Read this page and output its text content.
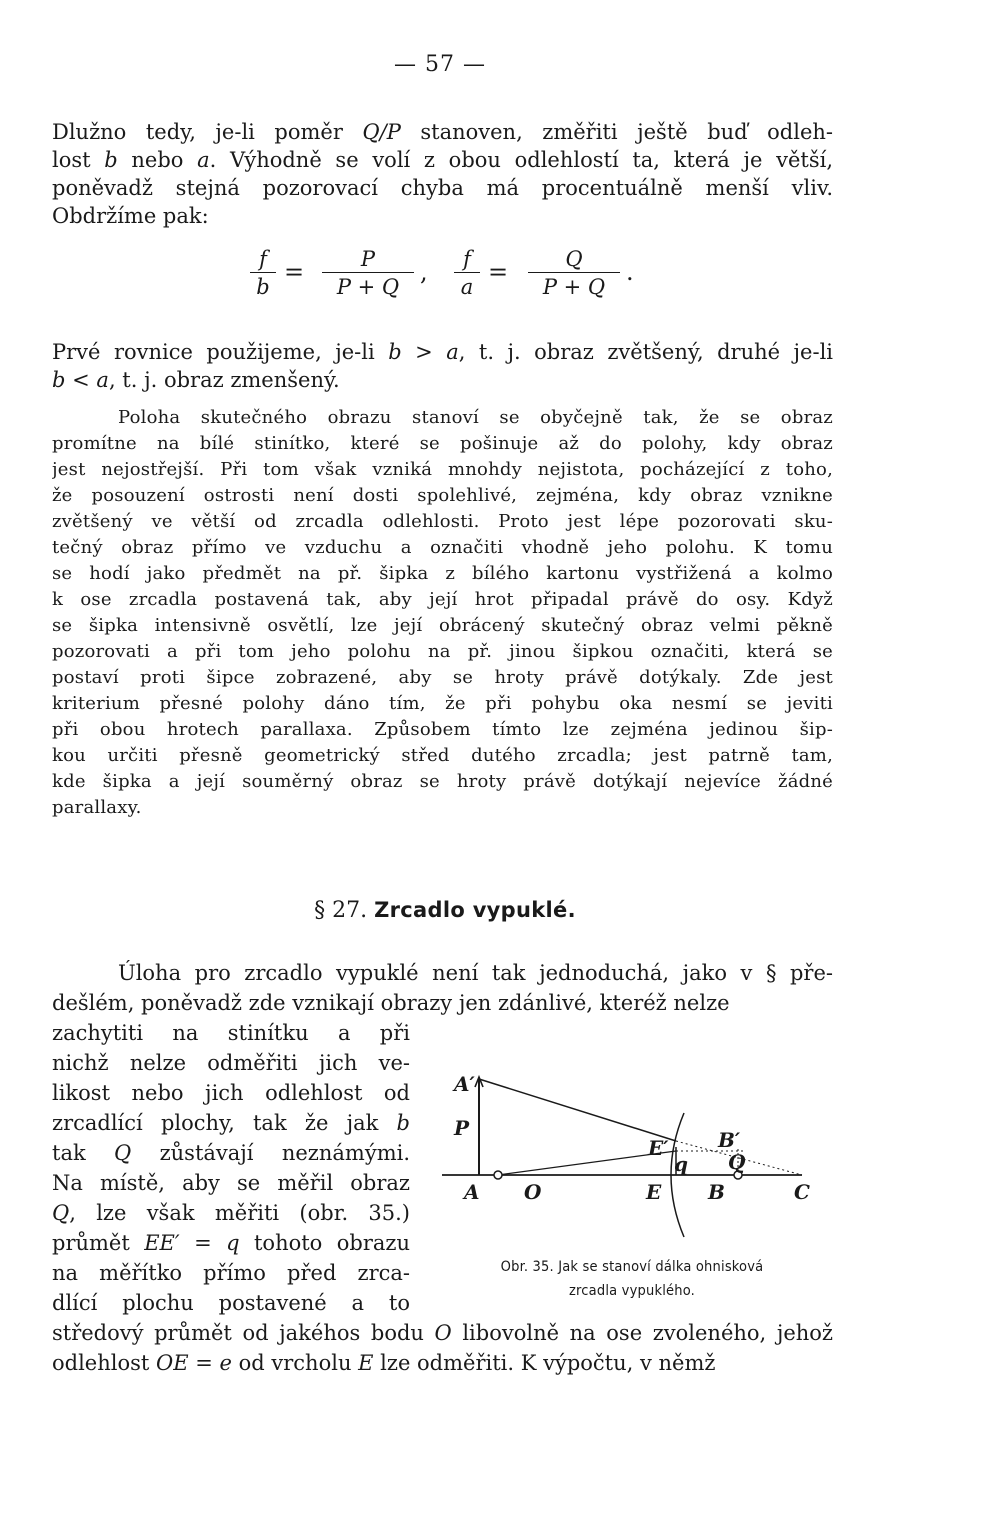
— 57 —
Dlužno tedy, je-li poměr Q/P stanoven, změřiti ještě buď odleh-
lost b nebo a. Výhodně se volí z obou odlehlostí ta, která je větší,
poněvadž stejná pozorovací chyba má procentuálně menší vliv.
Obdržíme pak:
$\frac{f}{b} = \frac{P}{P + Q}$ , $\frac{f}{a} = \frac{Q}{P + Q}$ .
Prvé rovnice použijeme, je-li b > a, t. j. obraz zvětšený, druhé je-li
b < a, t. j. obraz zmenšený.
Poloha skutečného obrazu stanoví se obyčejně tak, že se obraz
promítne na bílé stinítko, které se pošinuje až do polohy, kdy obraz
jest nejostřejší. Při tom však vzniká mnohdy nejistota, pocházející z toho,
že posouzení ostrosti není dosti spolehlivé, zejména, kdy obraz vznikne
zvětšený ve větší od zrcadla odlehlosti. Proto jest lépe pozorovati sku-
tečný obraz přímo ve vzduchu a označiti vhodně jeho polohu. K tomu
se hodí jako předmět na př. šipka z bílého kartonu vystřižená a kolmo
k ose zrcadla postavená tak, aby její hrot připadal právě do osy. Když
se šipka intensivně osvětlí, lze její obrácený skutečný obraz velmi pěkně
pozorovati a při tom jeho polohu na př. jinou šipkou označiti, která se
postaví proti šipce zobrazené, aby se hroty právě dotýkaly. Zde jest
kriterium přesné polohy dáno tím, že při pohybu oka nesmí se jeviti
při obou hrotech parallaxa. Způsobem tímto lze zejména jedinou šip-
kou určiti přesně geometrický střed dutého zrcadla; jest patrně tam,
kde šipka a její souměrný obraz se hroty právě dotýkají nejevíce žádné
parallaxy.
§ 27. Zrcadlo vypuklé.
Úloha pro zrcadlo vypuklé není tak jednoduchá, jako v § pře-
dešlém, poněvadž zde vznikají obrazy jen zdánlivé, kteréž nelze
zachytiti na stinítku a při
nichž nelze odměřiti jich ve-
likost nebo jich odlehlost od
zrcadlící plochy, tak že jak b
tak Q zůstávají neznámými.
Na místě, aby se měřil obraz
Q, lze však měřiti (obr. 35.)
průmět EE′ = q tohoto obrazu
na měřítko přímo před zrca-
dlící plochu postavené a to
A′
P
E′ B′
q Q
A O	E B	C
Obr. 35. Jak se stanoví dálka ohnisková
zrcadla vypuklého.
středový průmět od jakéhos bodu O libovolně na ose zvoleného, jehož
odlehlost OE = e od vrcholu E lze odměřiti. K výpočtu, v němž
